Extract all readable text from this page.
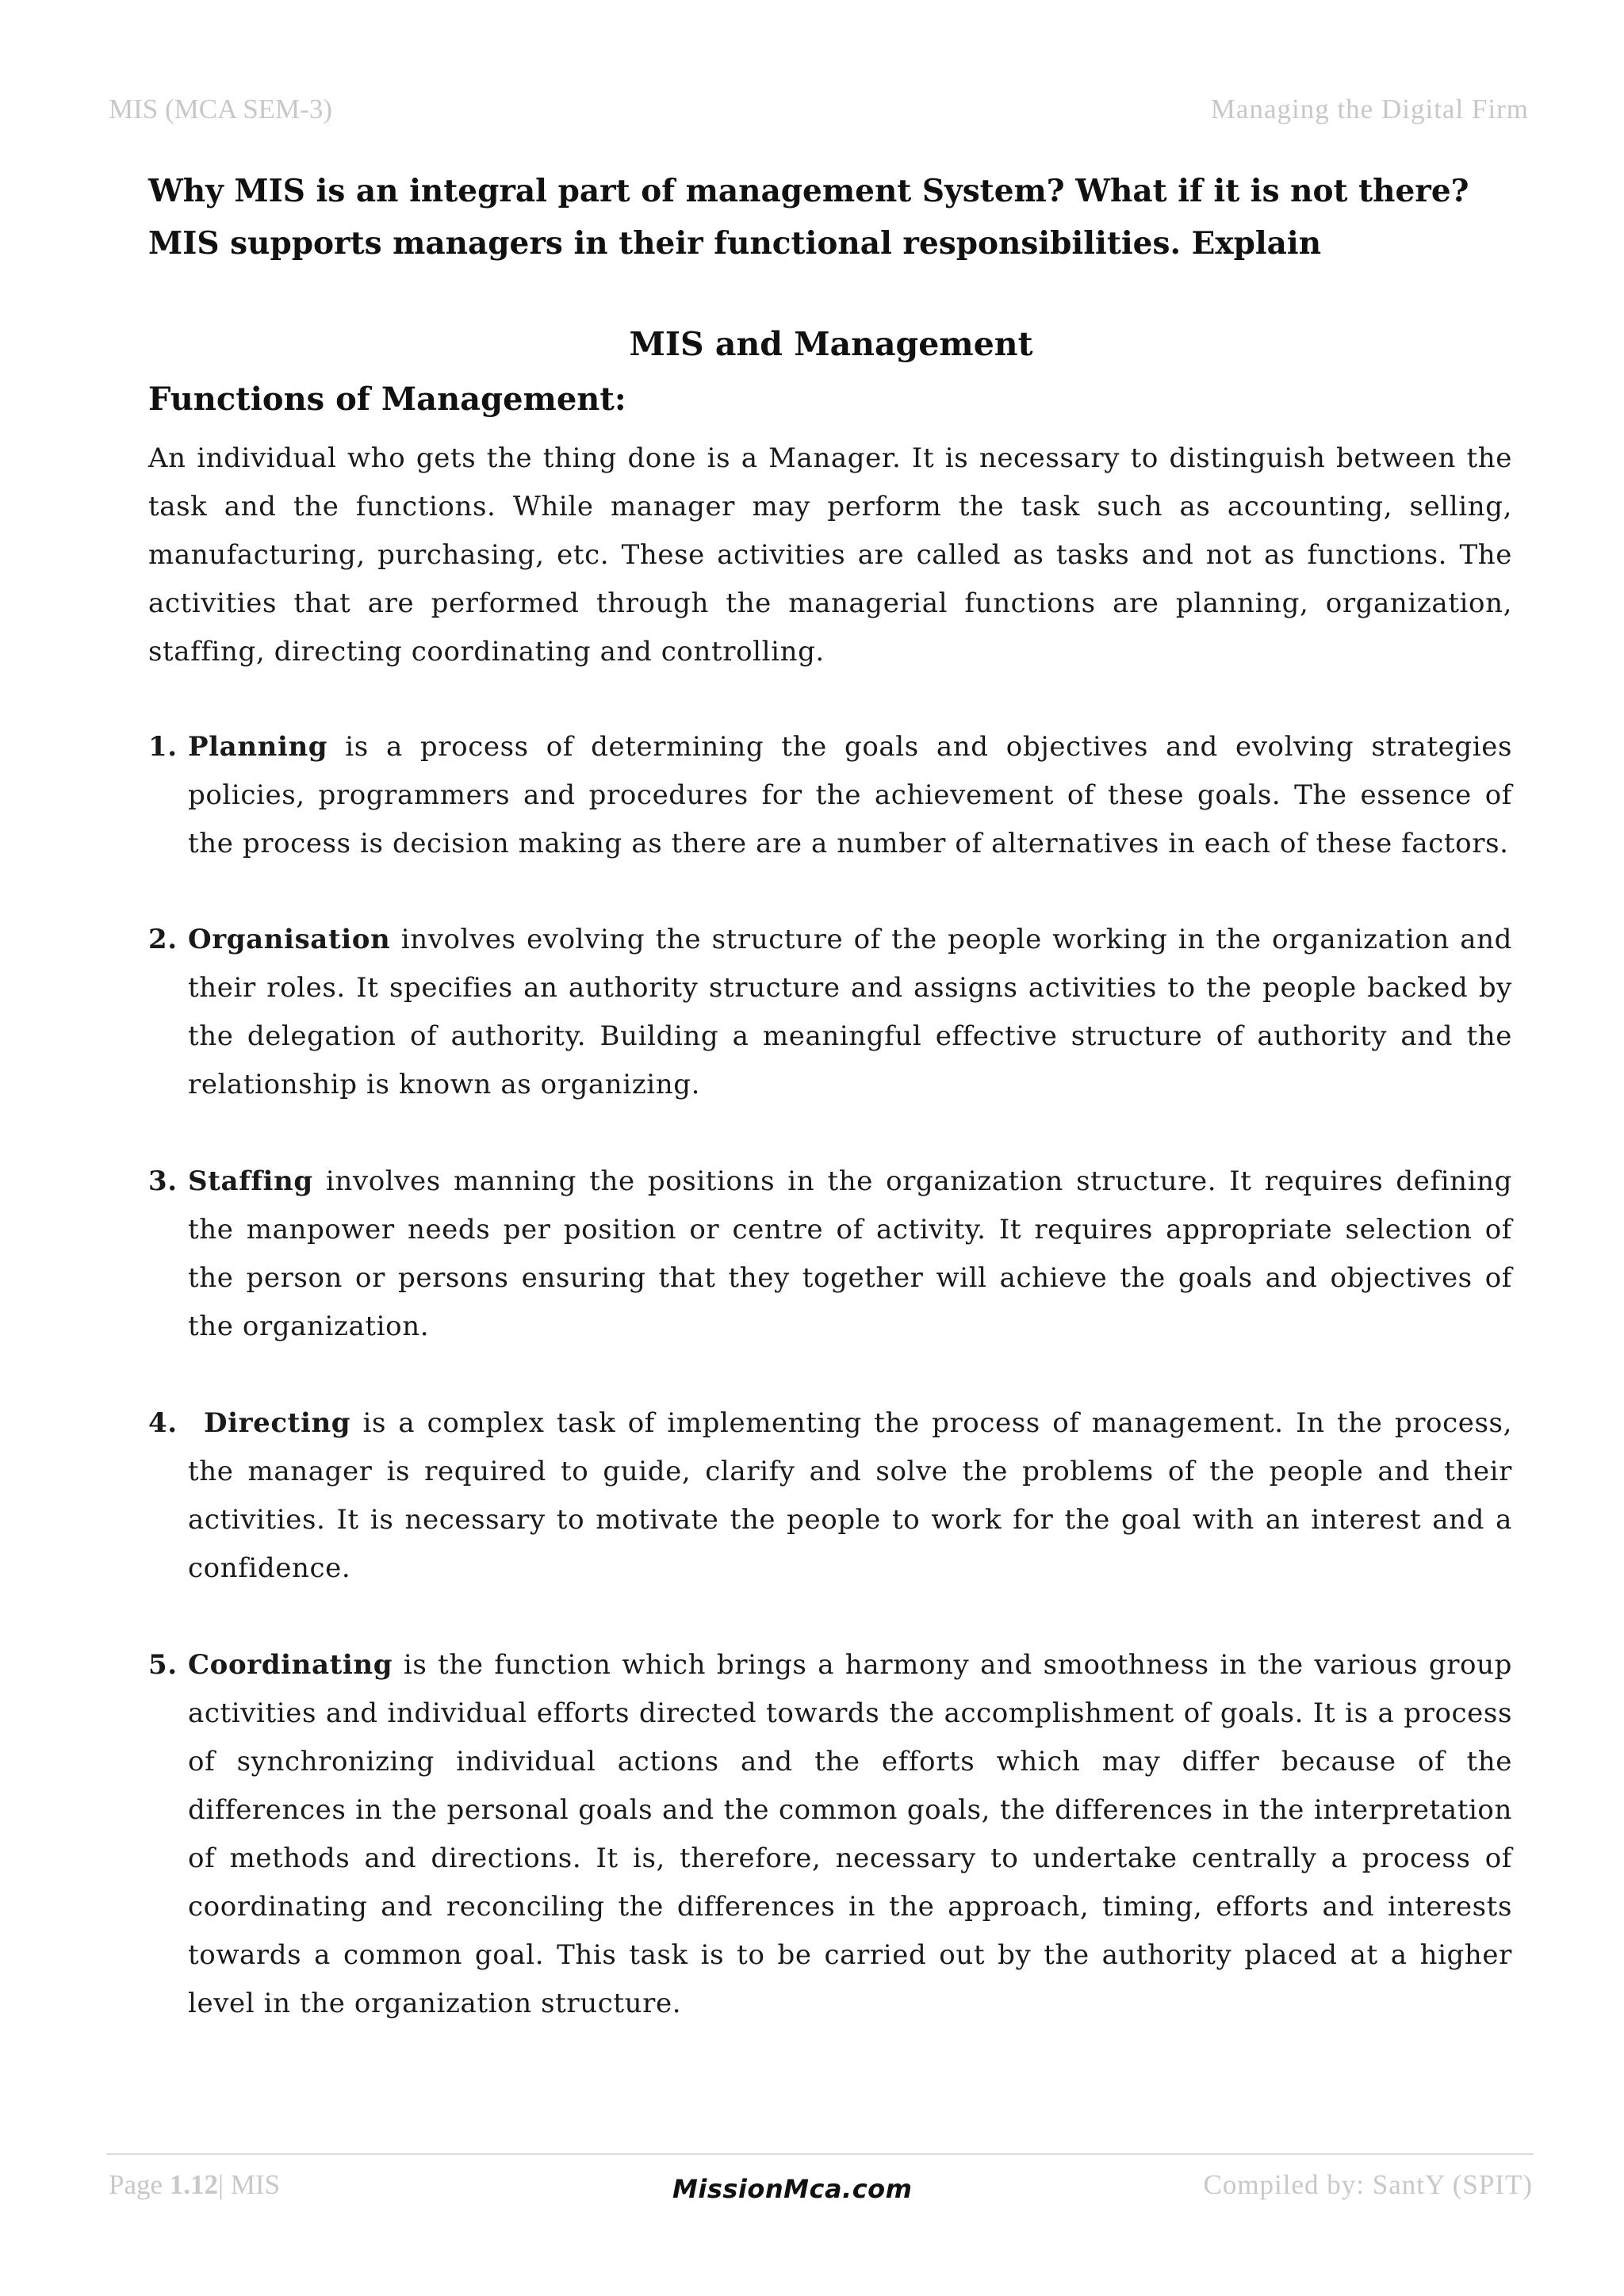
MIS (MCA SEM-3)	Managing the Digital Firm
Why MIS is an integral part of management System? What if it is not there?
MIS supports managers in their functional responsibilities. Explain
MIS and Management
Functions of Management:
An individual who gets the thing done is a Manager. It is necessary to distinguish between the task and the functions. While manager may perform the task such as accounting, selling, manufacturing, purchasing, etc. These activities are called as tasks and not as functions. The activities that are performed through the managerial functions are planning, organization, staffing, directing coordinating and controlling.
1. Planning is a process of determining the goals and objectives and evolving strategies policies, programmers and procedures for the achievement of these goals. The essence of the process is decision making as there are a number of alternatives in each of these factors.
2. Organisation involves evolving the structure of the people working in the organization and their roles. It specifies an authority structure and assigns activities to the people backed by the delegation of authority. Building a meaningful effective structure of authority and the relationship is known as organizing.
3. Staffing involves manning the positions in the organization structure. It requires defining the manpower needs per position or centre of activity. It requires appropriate selection of the person or persons ensuring that they together will achieve the goals and objectives of the organization.
4. Directing is a complex task of implementing the process of management. In the process, the manager is required to guide, clarify and solve the problems of the people and their activities. It is necessary to motivate the people to work for the goal with an interest and a confidence.
5. Coordinating is the function which brings a harmony and smoothness in the various group activities and individual efforts directed towards the accomplishment of goals. It is a process of synchronizing individual actions and the efforts which may differ because of the differences in the personal goals and the common goals, the differences in the interpretation of methods and directions. It is, therefore, necessary to undertake centrally a process of coordinating and reconciling the differences in the approach, timing, efforts and interests towards a common goal. This task is to be carried out by the authority placed at a higher level in the organization structure.
Page 1.12| MIS	MissionMca.com	Compiled by: SantY (SPIT)
